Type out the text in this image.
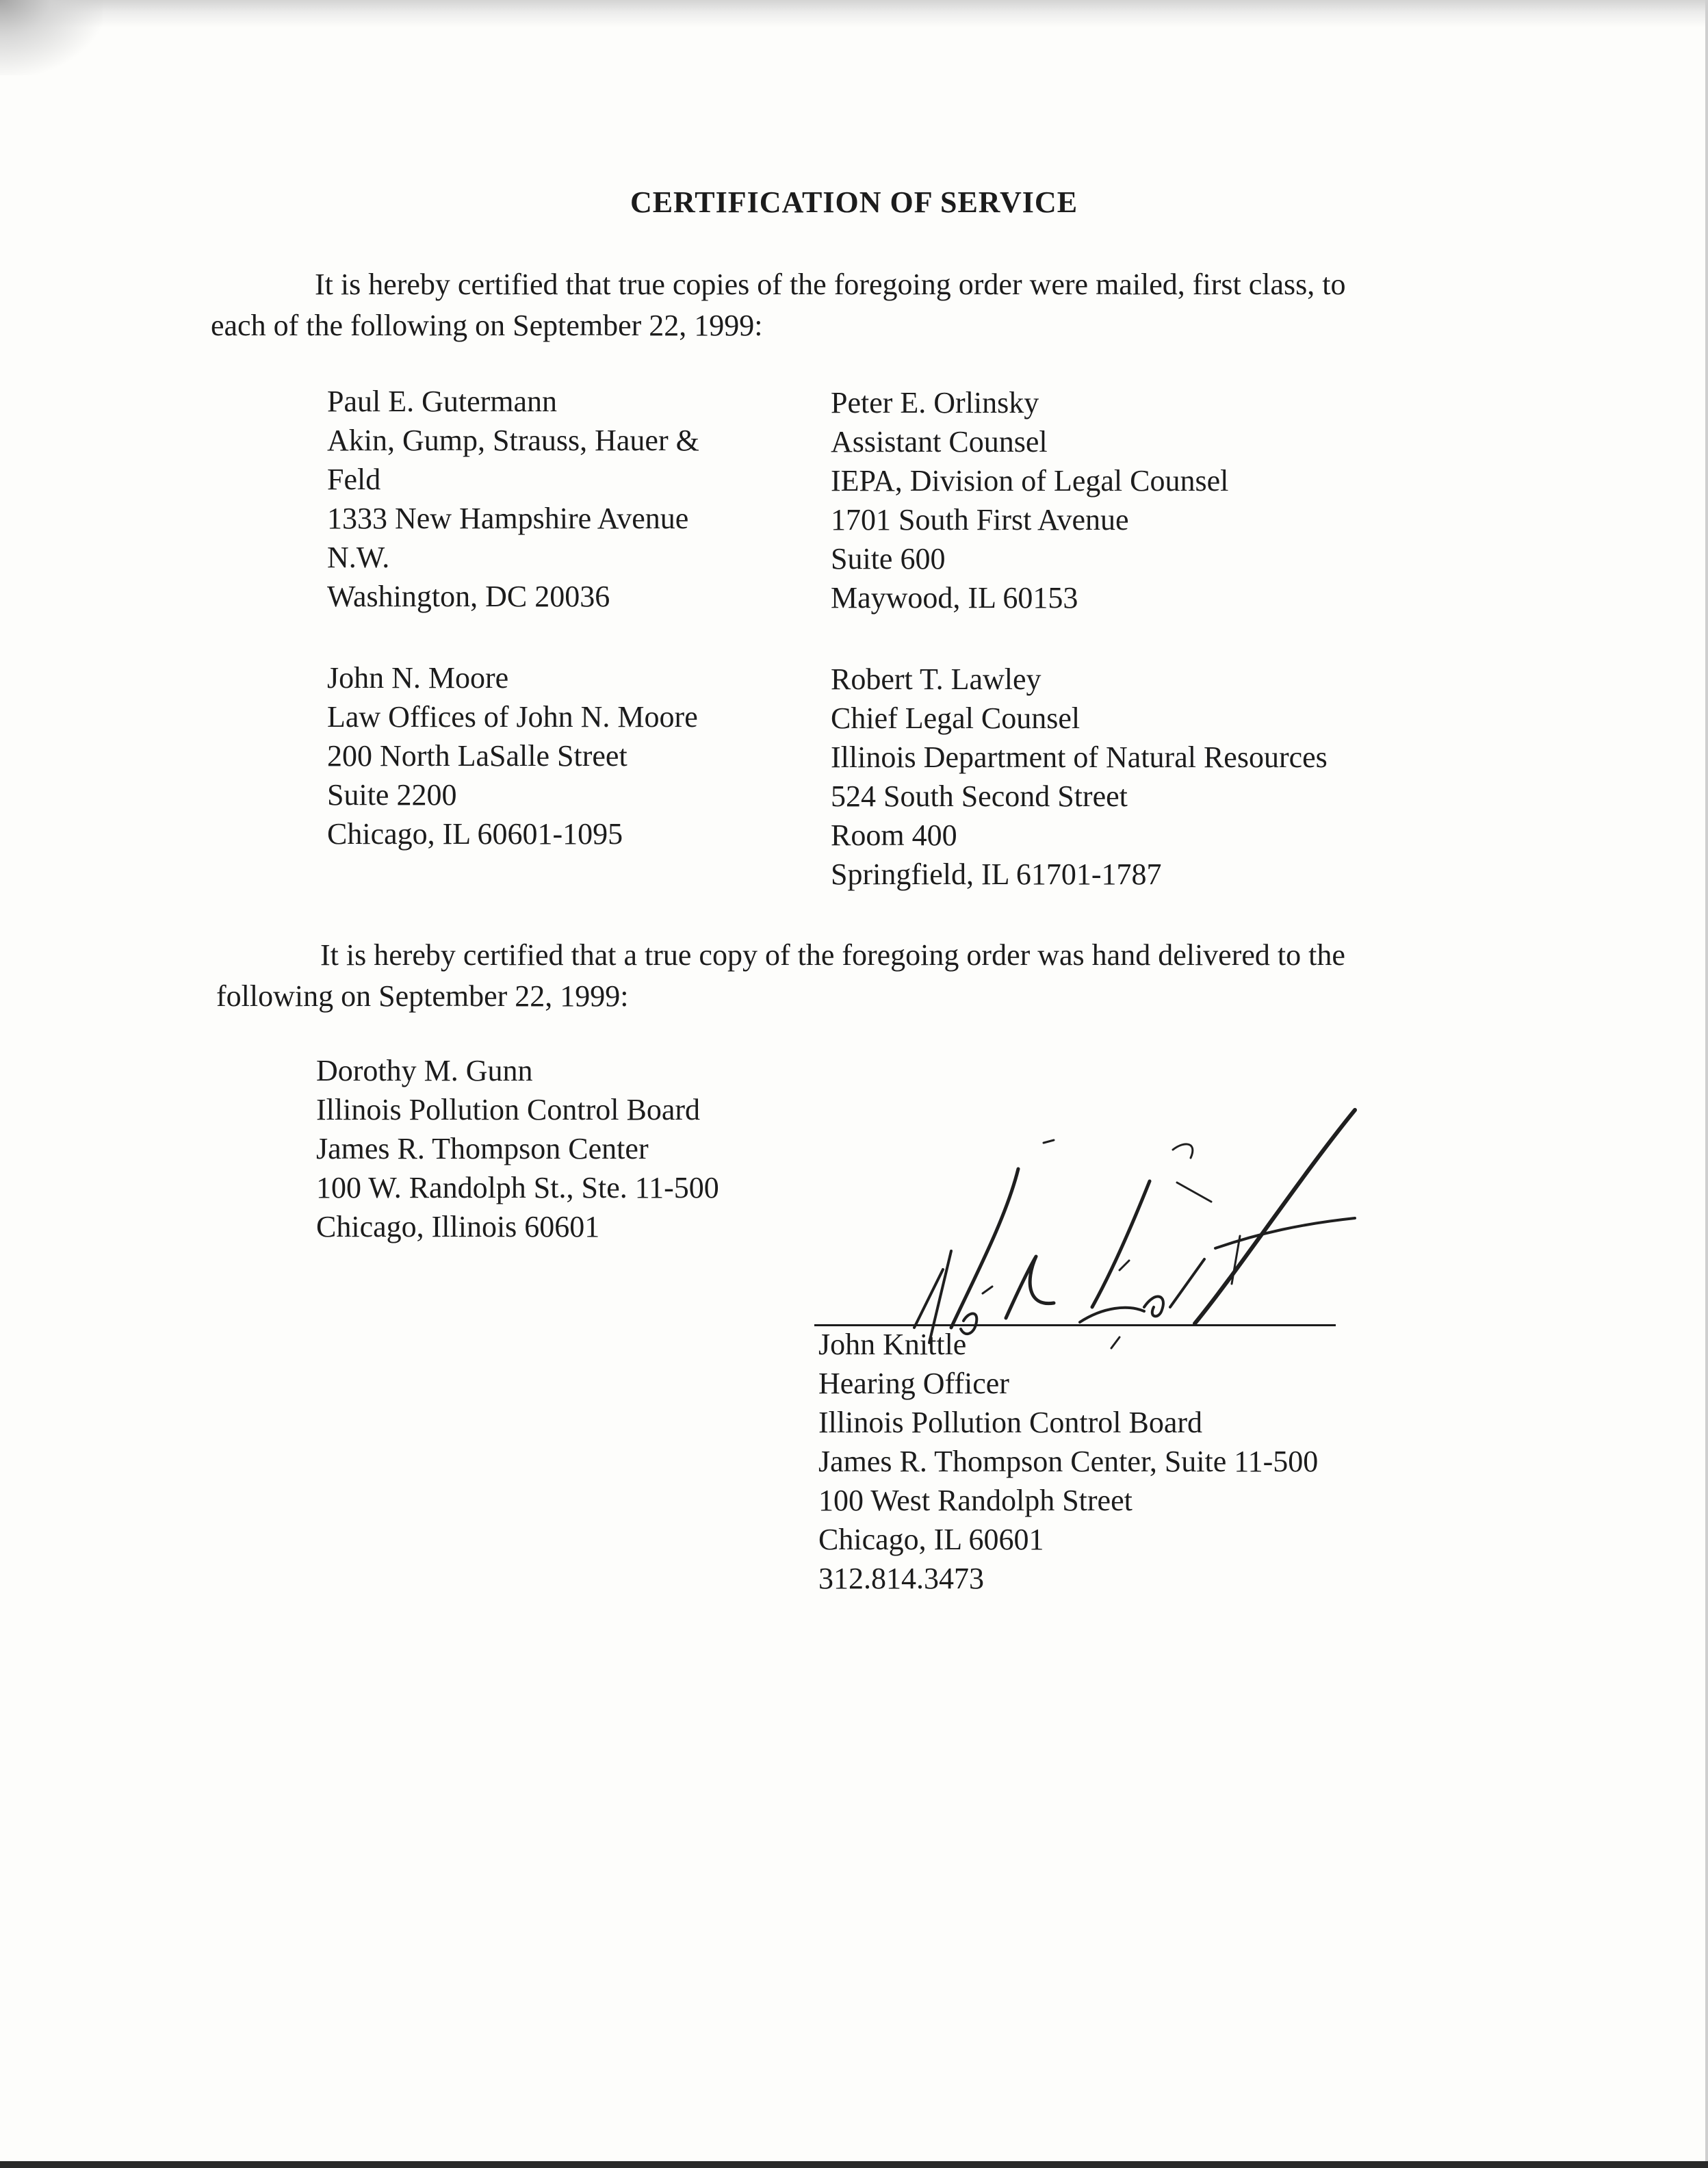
CERTIFICATION OF SERVICE

It is hereby certified that true copies of the foregoing order were mailed, first class, to
each of the following on September 22, 1999:

Paul E. Gutermann
Akin, Gump, Strauss, Hauer &
Feld
1333 New Hampshire Avenue
N.W.
Washington, DC 20036
Peter E. Orlinsky
Assistant Counsel
IEPA, Division of Legal Counsel
1701 South First Avenue
Suite 600
Maywood, IL 60153
John N. Moore
Law Offices of John N. Moore
200 North LaSalle Street
Suite 2200
Chicago, IL 60601-1095
Robert T. Lawley
Chief Legal Counsel
Illinois Department of Natural Resources
524 South Second Street
Room 400
Springfield, IL 61701-1787

It is hereby certified that a true copy of the foregoing order was hand delivered to the
following on September 22, 1999:

Dorothy M. Gunn
Illinois Pollution Control Board
James R. Thompson Center
100 W. Randolph St., Ste. 11-500
Chicago, Illinois 60601
John Knittle
Hearing Officer
Illinois Pollution Control Board
James R. Thompson Center, Suite 11-500
100 West Randolph Street
Chicago, IL 60601
312.814.3473
